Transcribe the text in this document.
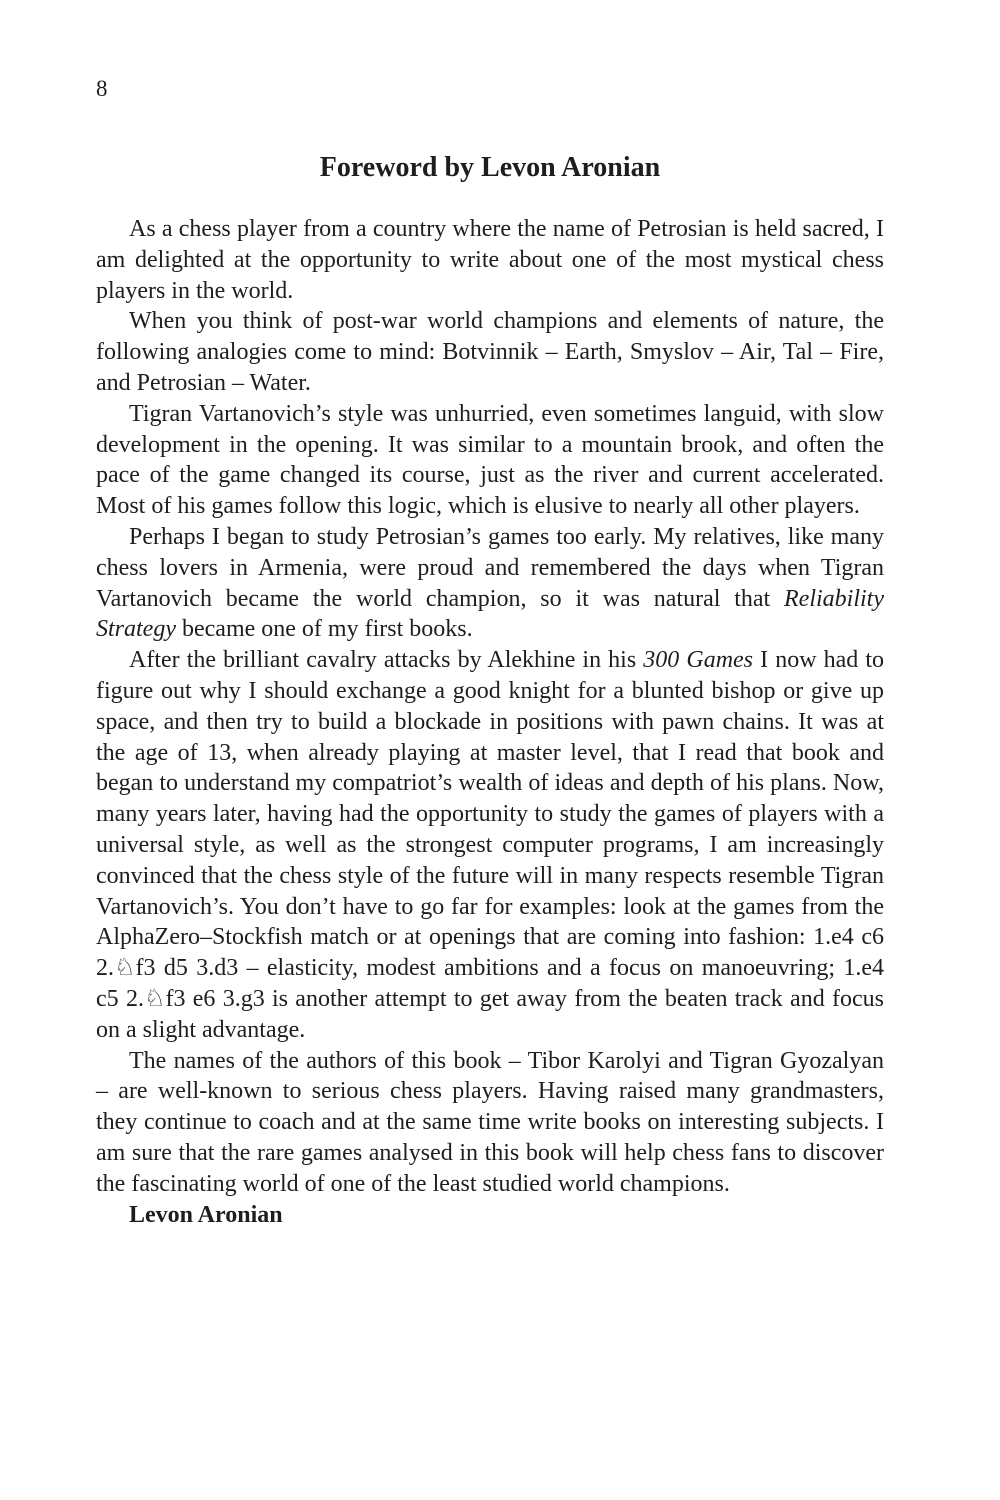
8
Foreword by Levon Aronian

As a chess player from a country where the name of Petrosian is held sacred, I am delighted at the opportunity to write about one of the most mystical chess players in the world.

When you think of post-war world champions and elements of nature, the following analogies come to mind: Botvinnik – Earth, Smyslov – Air, Tal – Fire, and Petrosian – Water.

Tigran Vartanovich’s style was unhurried, even sometimes languid, with slow development in the opening. It was similar to a mountain brook, and often the pace of the game changed its course, just as the river and current accelerated. Most of his games follow this logic, which is elusive to nearly all other players.

Perhaps I began to study Petrosian’s games too early. My relatives, like many chess lovers in Armenia, were proud and remembered the days when Tigran Vartanovich became the world champion, so it was natural that Reliability Strategy became one of my first books.

After the brilliant cavalry attacks by Alekhine in his 300 Games I now had to figure out why I should exchange a good knight for a blunted bishop or give up space, and then try to build a blockade in positions with pawn chains. It was at the age of 13, when already playing at master level, that I read that book and began to understand my compatriot’s wealth of ideas and depth of his plans. Now, many years later, having had the opportunity to study the games of players with a universal style, as well as the strongest computer programs, I am increasingly convinced that the chess style of the future will in many respects resemble Tigran Vartanovich’s. You don’t have to go far for examples: look at the games from the AlphaZero–Stockfish match or at openings that are coming into fashion: 1.e4 c6 2.♘f3 d5 3.d3 – elasticity, modest ambitions and a focus on manoeuvring; 1.e4 c5 2.♘f3 e6 3.g3 is another attempt to get away from the beaten track and focus on a slight advantage.

The names of the authors of this book – Tibor Karolyi and Tigran Gyozalyan – are well-known to serious chess players. Having raised many grandmasters, they continue to coach and at the same time write books on interesting subjects. I am sure that the rare games analysed in this book will help chess fans to discover the fascinating world of one of the least studied world champions.

Levon Aronian
